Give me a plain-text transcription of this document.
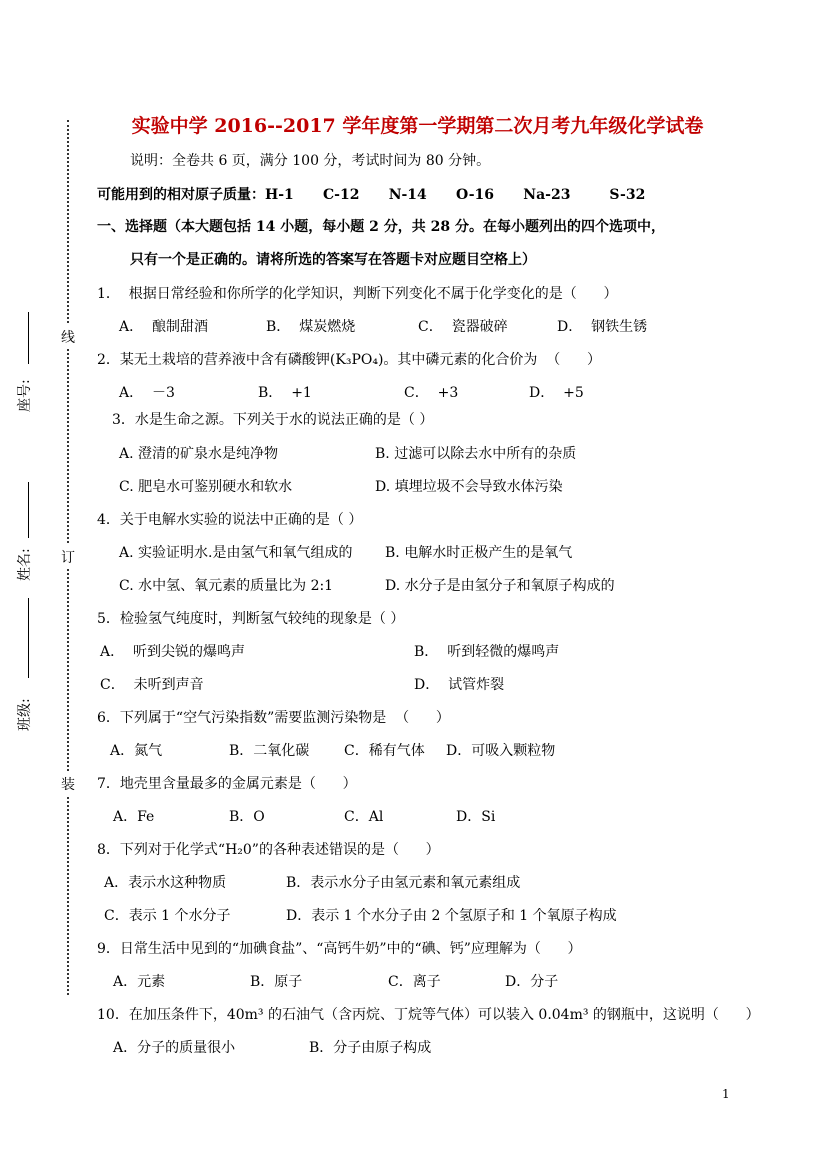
线
订
装
座号:
姓名:
班级:
实验中学 2016--2017 学年度第一学期第二次月考九年级化学试卷
说明：全卷共 6 页，满分 100 分，考试时间为 80 分钟。
可能用到的相对原子质量：H-1      C-12      N-14      O-16      Na-23        S-32
一、选择题（本大题包括 14 小题，每小题 2 分，共 28 分。在每小题列出的四个选项中，
只有一个是正确的。请将所选的答案写在答题卡对应题目空格上）
1．  根据日常经验和你所学的化学知识，判断下列变化不属于化学变化的是（      ）
A．  酿制甜酒	B．  煤炭燃烧	C．  瓷器破碎	D．  钢铁生锈
2．某无土栽培的营养液中含有磷酸钾(K₃PO₄)。其中磷元素的化合价为  （      ）
A．  －3	B．  +1	C．  +3	D．  +5
3．水是生命之源。下列关于水的说法正确的是（ ）
A. 澄清的矿泉水是纯净物	B. 过滤可以除去水中所有的杂质
C. 肥皂水可鉴别硬水和软水	D. 填埋垃圾不会导致水体污染
4．关于电解水实验的说法中正确的是（ ）
A. 实验证明水.是由氢气和氧气组成的 B. 电解水时正极产生的是氧气
C. 水中氢、氧元素的质量比为 2:1	D. 水分子是由氢分子和氧原子构成的
5．检验氢气纯度时，判断氢气较纯的现象是（ ）
A．  听到尖锐的爆鸣声	B．  听到轻微的爆鸣声
C．  未听到声音	D．  试管炸裂
6．下列属于“空气污染指数”需要监测污染物是  （      ）
A．氮气	B．二氧化碳 C．稀有气体 D．可吸入颗粒物
7．地壳里含量最多的金属元素是（      ）
A．Fe	B．O	C．Al	D．Si
8．下列对于化学式“H₂0”的各种表述错误的是（      ）
A．表示水这种物质	B．表示水分子由氢元素和氧元素组成
C．表示 1 个水分子	D．表示 1 个水分子由 2 个氢原子和 1 个氧原子构成
9．日常生活中见到的“加碘食盐”、“高钙牛奶”中的“碘、钙”应理解为（      ）
A．元素	B．原子	C．离子	D．分子
10．在加压条件下，40m³ 的石油气（含丙烷、丁烷等气体）可以装入 0.04m³ 的钢瓶中，这说明（      ）
A．分子的质量很小	B．分子由原子构成
1
